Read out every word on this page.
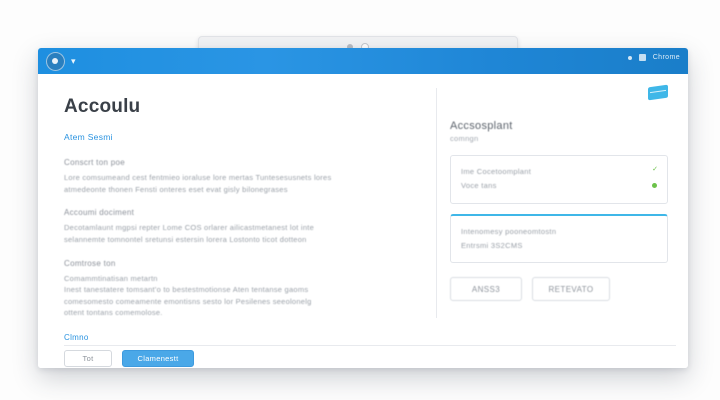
▾	Chrome
Accoulu
Atem Sesmi
Conscrt ton poe
Lore comsumeand cest fentmieo ioraluse lore mertas Tuntesesusnets lores
atmedeonte thonen Fensti onteres eset evat gisly bilonegrases
Accoumi dociment
Decotamlaunt mgpsi repter Lome COS orlarer ailicastmetanest lot inte
selannemte tomnontel sretunsi estersin lorera Lostonto ticot dotteon
Comtrose ton
Comammtinatisan metartn
Inest tanestatere tomsant'o to bestestmotionse Aten tentanse gaoms
comesomesto comeamente emontisns sesto lor Pesilenes seeolonelg
ottent tontans comemolose.
Clmno
Tot	Clamenestt
Accsosplant
comngn
Ime Cocetoomplant
Voce tans
✓
Intenomesy pooneomtostn
Entrsmi 3S2CMS
ANSS3	RETEVATO
